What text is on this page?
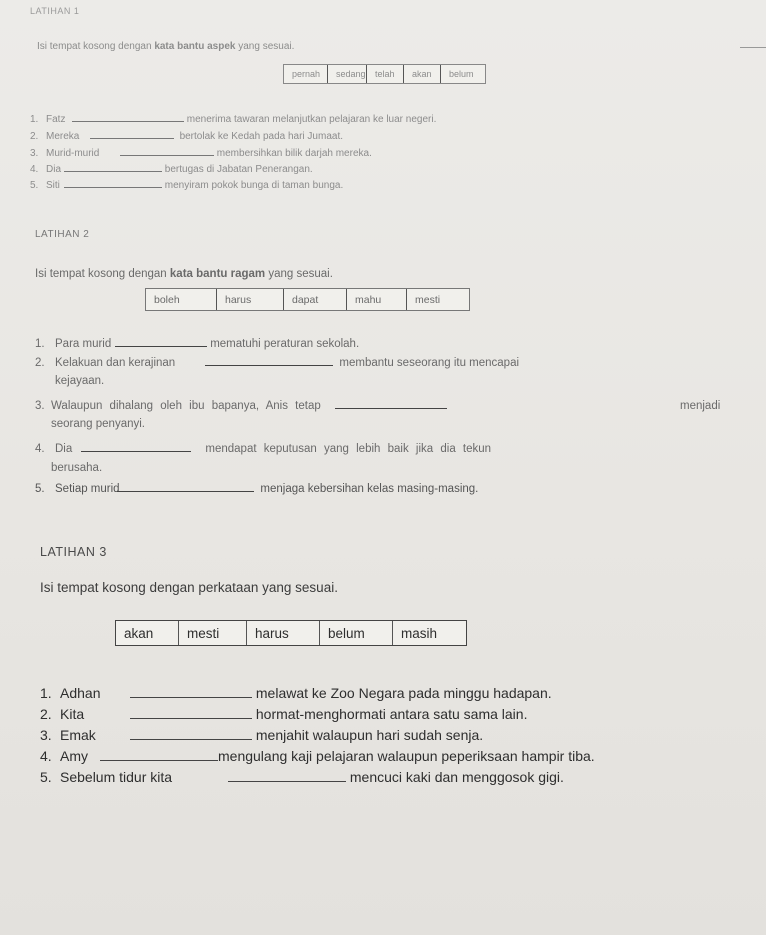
LATIHAN 1
Isi tempat kosong dengan kata bantu aspek yang sesuai.
pernah	sedang	telah	akan	belum
1. Fatz	menerima tawaran melanjutkan pelajaran ke luar negeri.
2. Mereka	bertolak ke Kedah pada hari Jumaat.
3. Murid-murid	membersihkan bilik darjah mereka.
4. Dia	bertugas di Jabatan Penerangan.
5. Siti	menyiram pokok bunga di taman bunga.
LATIHAN 2
Isi tempat kosong dengan kata bantu ragam yang sesuai.
boleh	harus	dapat	mahu	mesti
1. Para murid	mematuhi peraturan sekolah.
2. Kelakuan dan kerajinan	membantu seseorang itu mencapai
kejayaan.
3. Walaupun dihalang oleh ibu bapanya, Anis tetap	menjadi
seorang penyanyi.
4. Dia	mendapat keputusan yang lebih baik jika dia tekun
berusaha.
5. Setiap murid	menjaga kebersihan kelas masing-masing.
LATIHAN 3
Isi tempat kosong dengan perkataan yang sesuai.
akan	mesti	harus	belum	masih
1. Adhan	melawat ke Zoo Negara pada minggu hadapan.
2. Kita	hormat-menghormati antara satu sama lain.
3. Emak	menjahit walaupun hari sudah senja.
4. Amy	mengulang kaji pelajaran walaupun peperiksaan hampir tiba.
5. Sebelum tidur kita	mencuci kaki dan menggosok gigi.
